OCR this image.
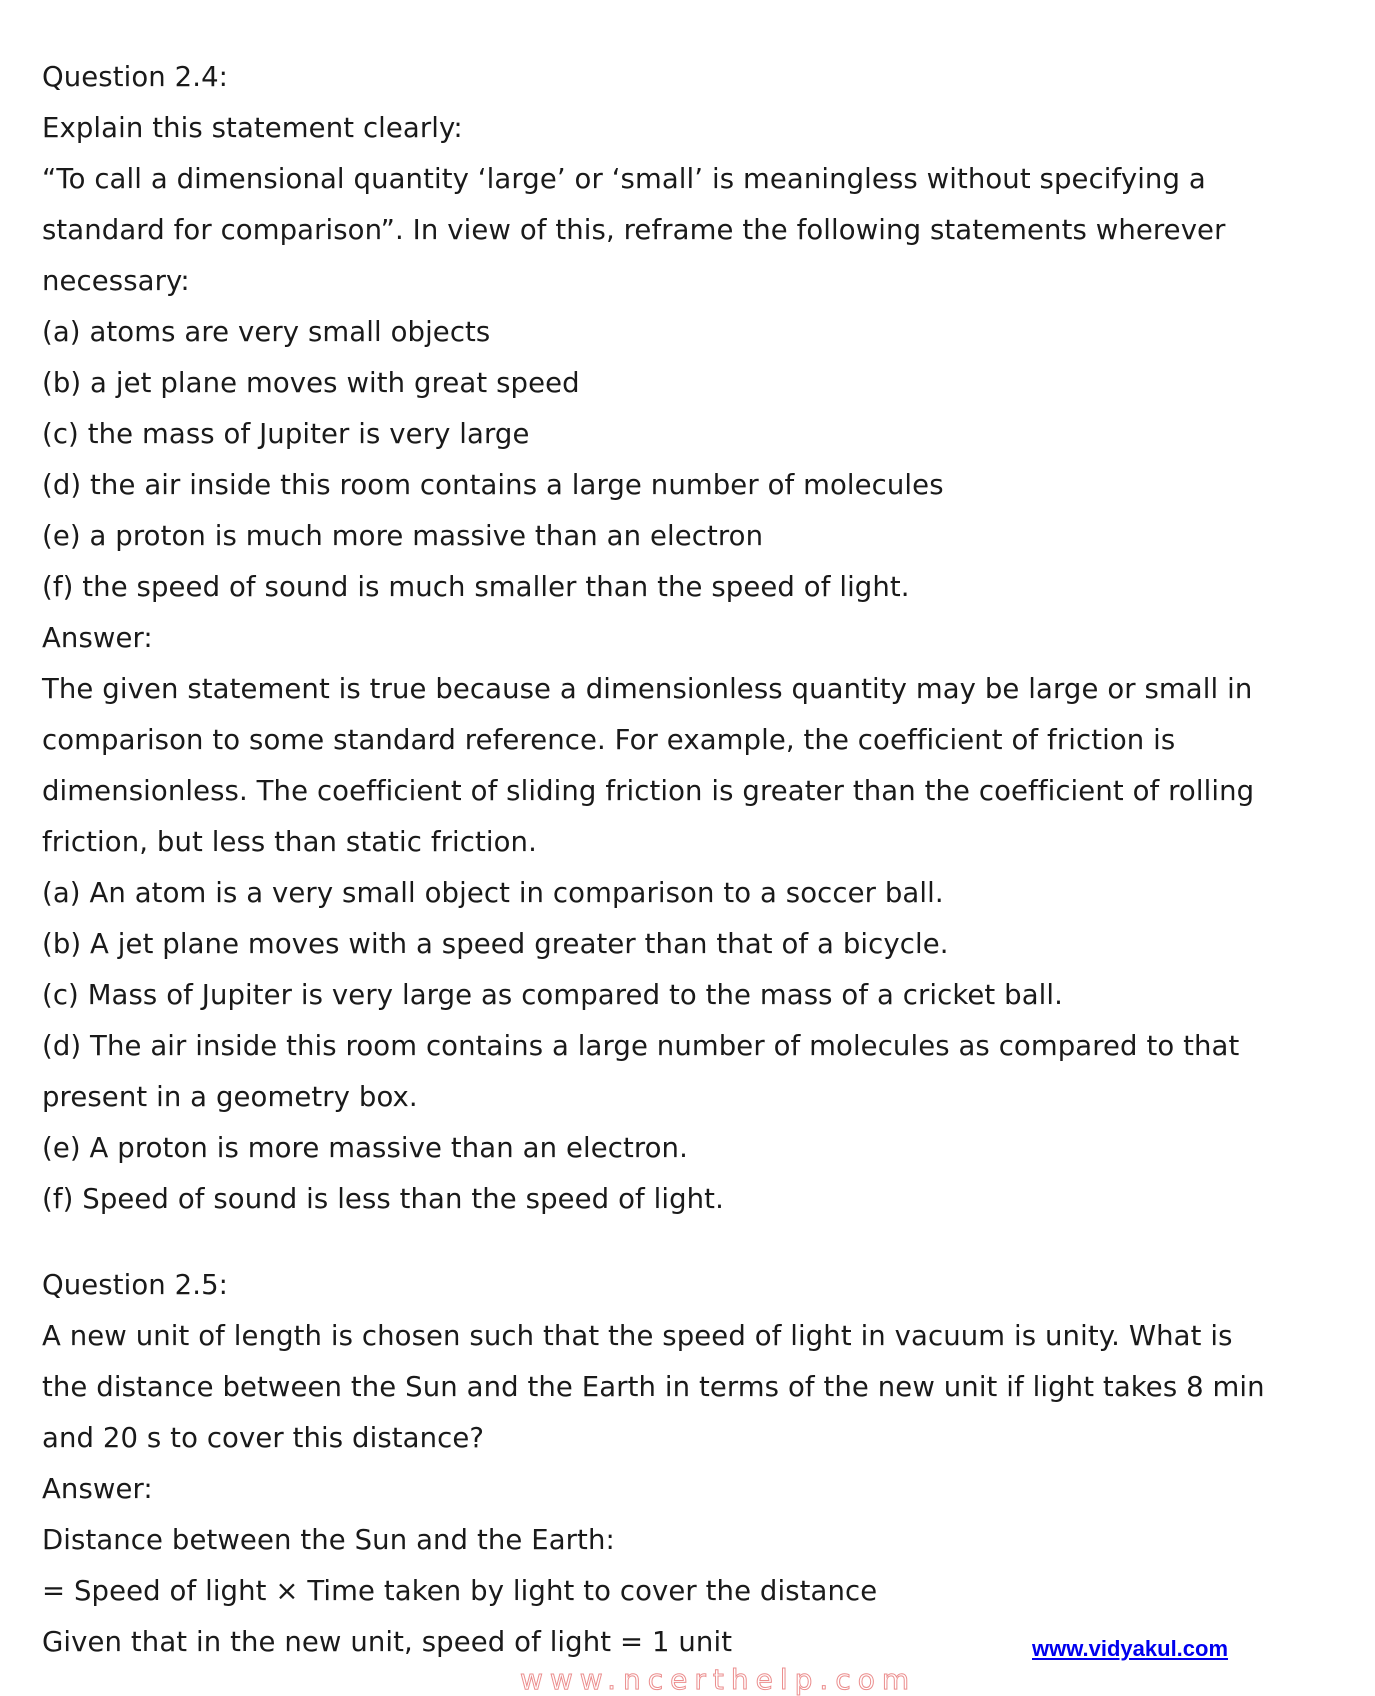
Question 2.4:
Explain this statement clearly:
“To call a dimensional quantity ‘large’ or ‘small’ is meaningless without specifying a
standard for comparison”. In view of this, reframe the following statements wherever
necessary:
(a) atoms are very small objects
(b) a jet plane moves with great speed
(c) the mass of Jupiter is very large
(d) the air inside this room contains a large number of molecules
(e) a proton is much more massive than an electron
(f) the speed of sound is much smaller than the speed of light.
Answer:
The given statement is true because a dimensionless quantity may be large or small in
comparison to some standard reference. For example, the coefficient of friction is
dimensionless. The coefficient of sliding friction is greater than the coefficient of rolling
friction, but less than static friction.
(a) An atom is a very small object in comparison to a soccer ball.
(b) A jet plane moves with a speed greater than that of a bicycle.
(c) Mass of Jupiter is very large as compared to the mass of a cricket ball.
(d) The air inside this room contains a large number of molecules as compared to that
present in a geometry box.
(e) A proton is more massive than an electron.
(f) Speed of sound is less than the speed of light.
Question 2.5:
A new unit of length is chosen such that the speed of light in vacuum is unity. What is
the distance between the Sun and the Earth in terms of the new unit if light takes 8 min
and 20 s to cover this distance?
Answer:
Distance between the Sun and the Earth:
= Speed of light × Time taken by light to cover the distance
Given that in the new unit, speed of light = 1 unit
www.ncerthelp.com
www.vidyakul.com
